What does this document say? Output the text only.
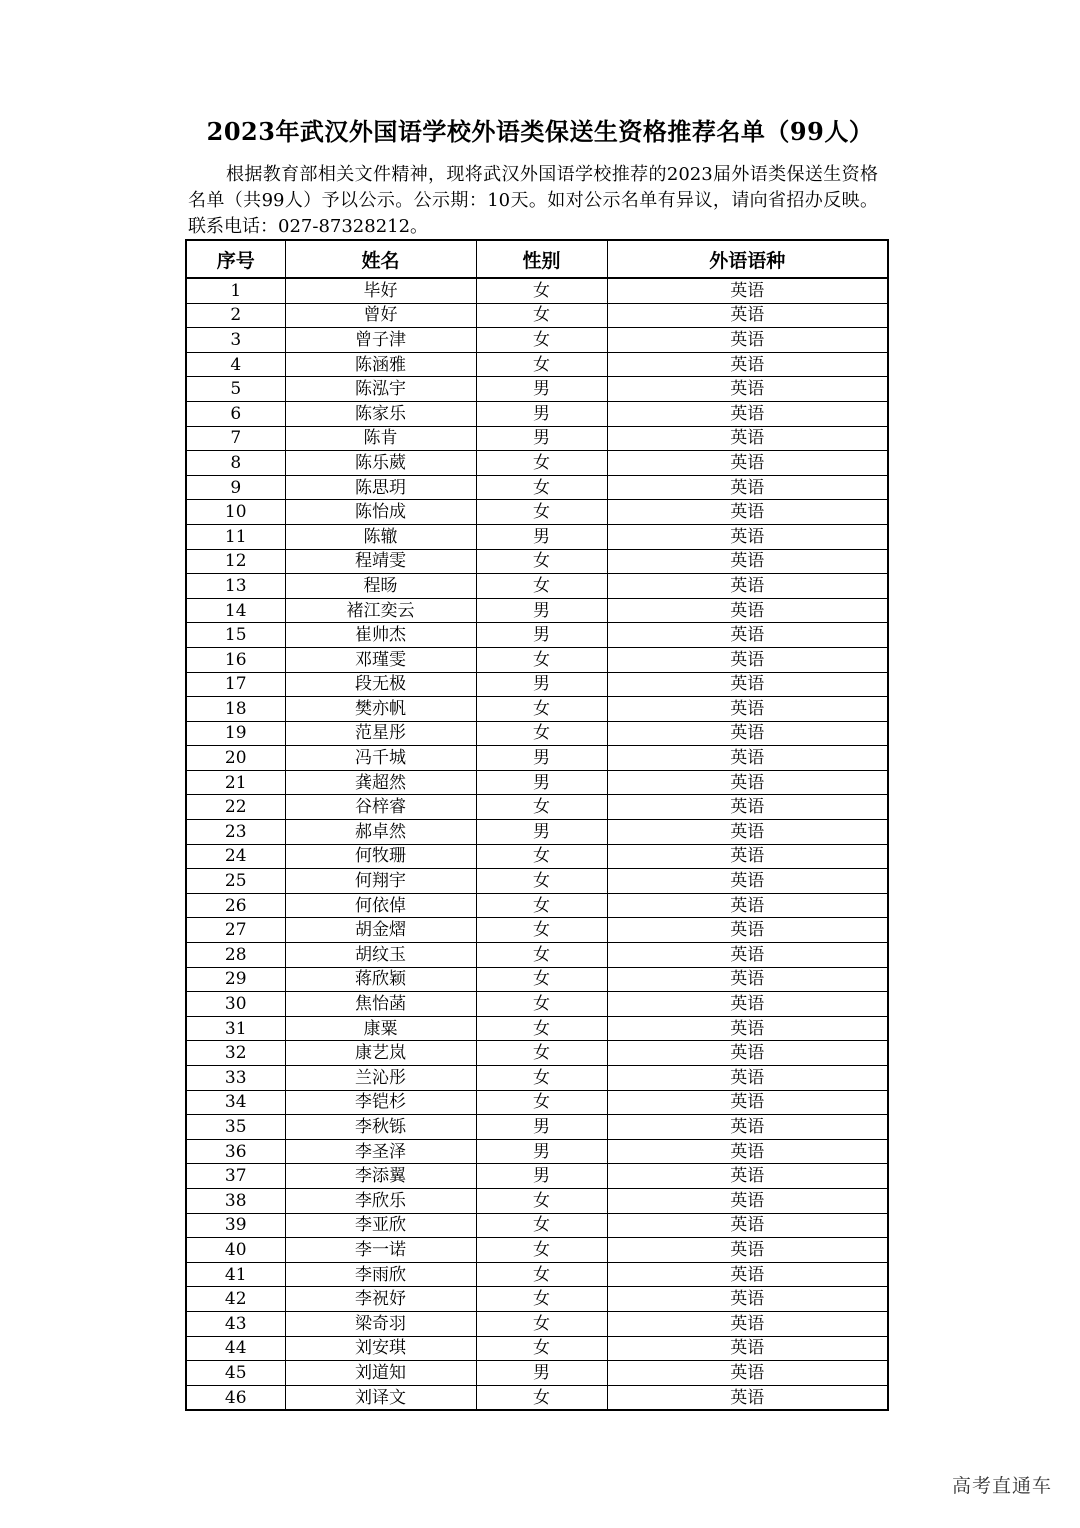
2023年武汉外国语学校外语类保送生资格推荐名单（99人）
根据教育部相关文件精神，现将武汉外国语学校推荐的2023届外语类保送生资格名单（共99人）予以公示。公示期：10天。如对公示名单有异议，请向省招办反映。联系电话：027-87328212。
序号	姓名	性别	外语语种
1	毕好	女	英语
2	曾好	女	英语
3	曾子津	女	英语
4	陈涵雅	女	英语
5	陈泓宇	男	英语
6	陈家乐	男	英语
7	陈肯	男	英语
8	陈乐葳	女	英语
9	陈思玥	女	英语
10	陈怡成	女	英语
11	陈辙	男	英语
12	程靖雯	女	英语
13	程旸	女	英语
14	褚江奕云	男	英语
15	崔帅杰	男	英语
16	邓瑾雯	女	英语
17	段无极	男	英语
18	樊亦帆	女	英语
19	范星彤	女	英语
20	冯千城	男	英语
21	龚超然	男	英语
22	谷梓睿	女	英语
23	郝卓然	男	英语
24	何牧珊	女	英语
25	何翔宇	女	英语
26	何依倬	女	英语
27	胡金熠	女	英语
28	胡纹玉	女	英语
29	蒋欣颖	女	英语
30	焦怡菡	女	英语
31	康粟	女	英语
32	康艺岚	女	英语
33	兰沁彤	女	英语
34	李铠杉	女	英语
35	李秋铄	男	英语
36	李圣泽	男	英语
37	李添翼	男	英语
38	李欣乐	女	英语
39	李亚欣	女	英语
40	李一诺	女	英语
41	李雨欣	女	英语
42	李祝妤	女	英语
43	梁奇羽	女	英语
44	刘安琪	女	英语
45	刘道知	男	英语
46	刘译文	女	英语
高考直通车
